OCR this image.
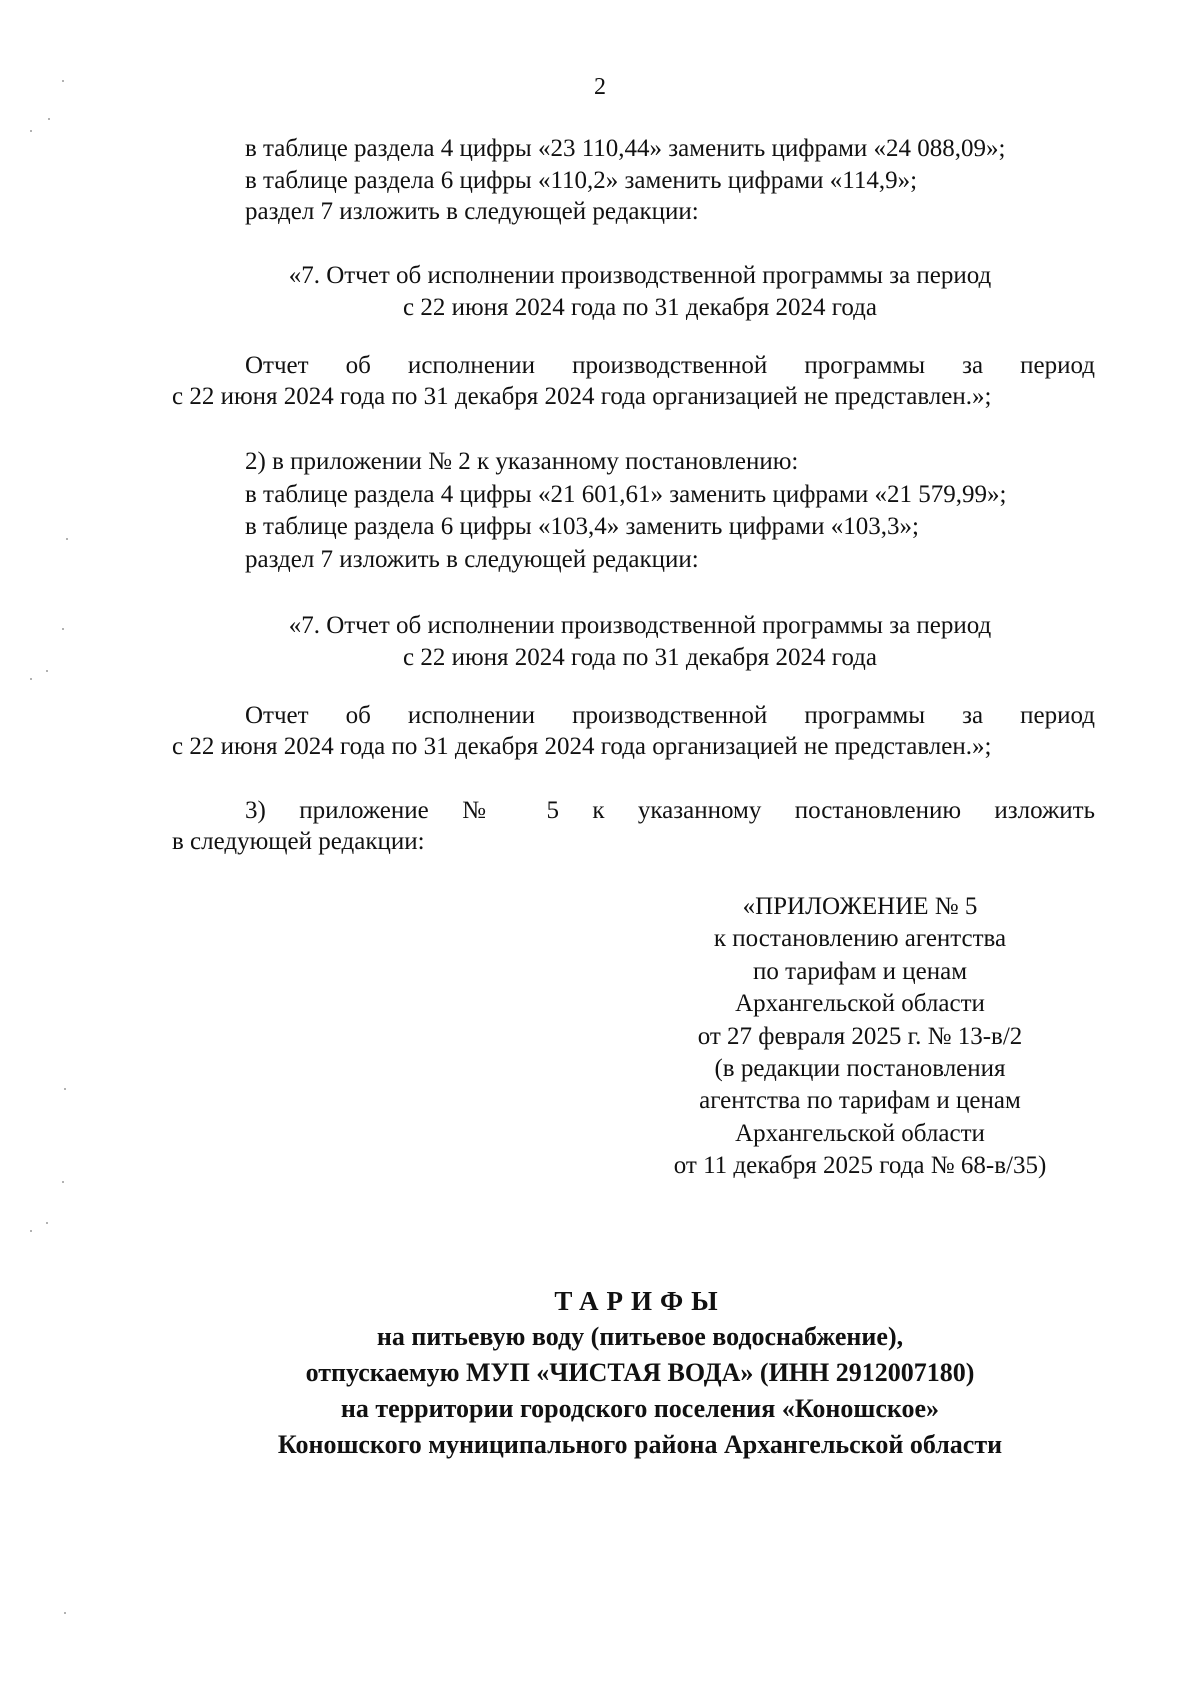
2
в таблице раздела 4 цифры «23 110,44» заменить цифрами «24 088,09»;
в таблице раздела 6 цифры «110,2» заменить цифрами «114,9»;
раздел 7 изложить в следующей редакции:
«7. Отчет об исполнении производственной программы за период
с 22 июня 2024 года по 31 декабря 2024 года
Отчет об исполнении производственной программы за период
с 22 июня 2024 года по 31 декабря 2024 года организацией не представлен.»;
2) в приложении № 2 к указанному постановлению:
в таблице раздела 4 цифры «21 601,61» заменить цифрами «21 579,99»;
в таблице раздела 6 цифры «103,4» заменить цифрами «103,3»;
раздел 7 изложить в следующей редакции:
«7. Отчет об исполнении производственной программы за период
с 22 июня 2024 года по 31 декабря 2024 года
Отчет об исполнении производственной программы за период
с 22 июня 2024 года по 31 декабря 2024 года организацией не представлен.»;
3) приложение № 5 к указанному постановлению изложить
в следующей редакции:
«ПРИЛОЖЕНИЕ № 5
к постановлению агентства
по тарифам и ценам
Архангельской области
от 27 февраля 2025 г. № 13-в/2
(в редакции постановления
агентства по тарифам и ценам
Архангельской области
от 11 декабря 2025 года № 68-в/35)
ТАРИФЫ
на питьевую воду (питьевое водоснабжение),
отпускаемую МУП «ЧИСТАЯ ВОДА» (ИНН 2912007180)
на территории городского поселения «Коношское»
Коношского муниципального района Архангельской области
